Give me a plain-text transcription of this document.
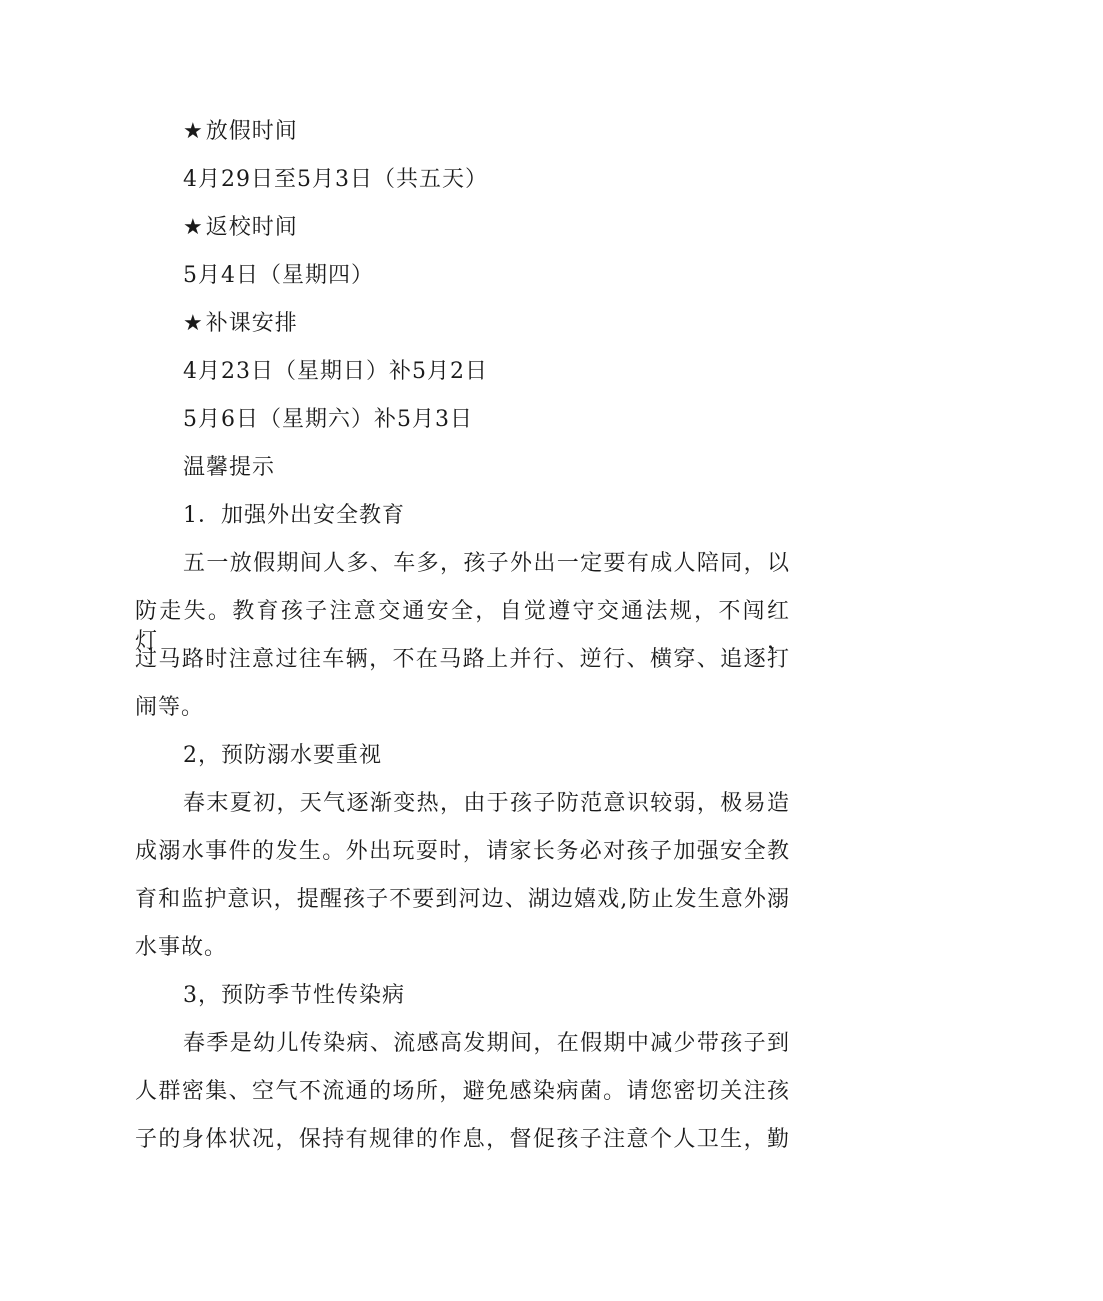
★放假时间
4月29日至5月3日（共五天）
★返校时间
5月4日（星期四）
★补课安排
4月23日（星期日）补5月2日
5月6日（星期六）补5月3日
温馨提示
1．加强外出安全教育
五一放假期间人多、车多，孩子外出一定要有成人陪同，以
防走失。教育孩子注意交通安全，自觉遵守交通法规，不闯红灯，
过马路时注意过往车辆，不在马路上并行、逆行、横穿、追逐打
闹等。
2，预防溺水要重视
春末夏初，天气逐渐变热，由于孩子防范意识较弱，极易造
成溺水事件的发生。外出玩耍时，请家长务必对孩子加强安全教
育和监护意识，提醒孩子不要到河边、湖边嬉戏,防止发生意外溺
水事故。
3，预防季节性传染病
春季是幼儿传染病、流感高发期间，在假期中减少带孩子到
人群密集、空气不流通的场所，避免感染病菌。请您密切关注孩
子的身体状况，保持有规律的作息，督促孩子注意个人卫生，勤
